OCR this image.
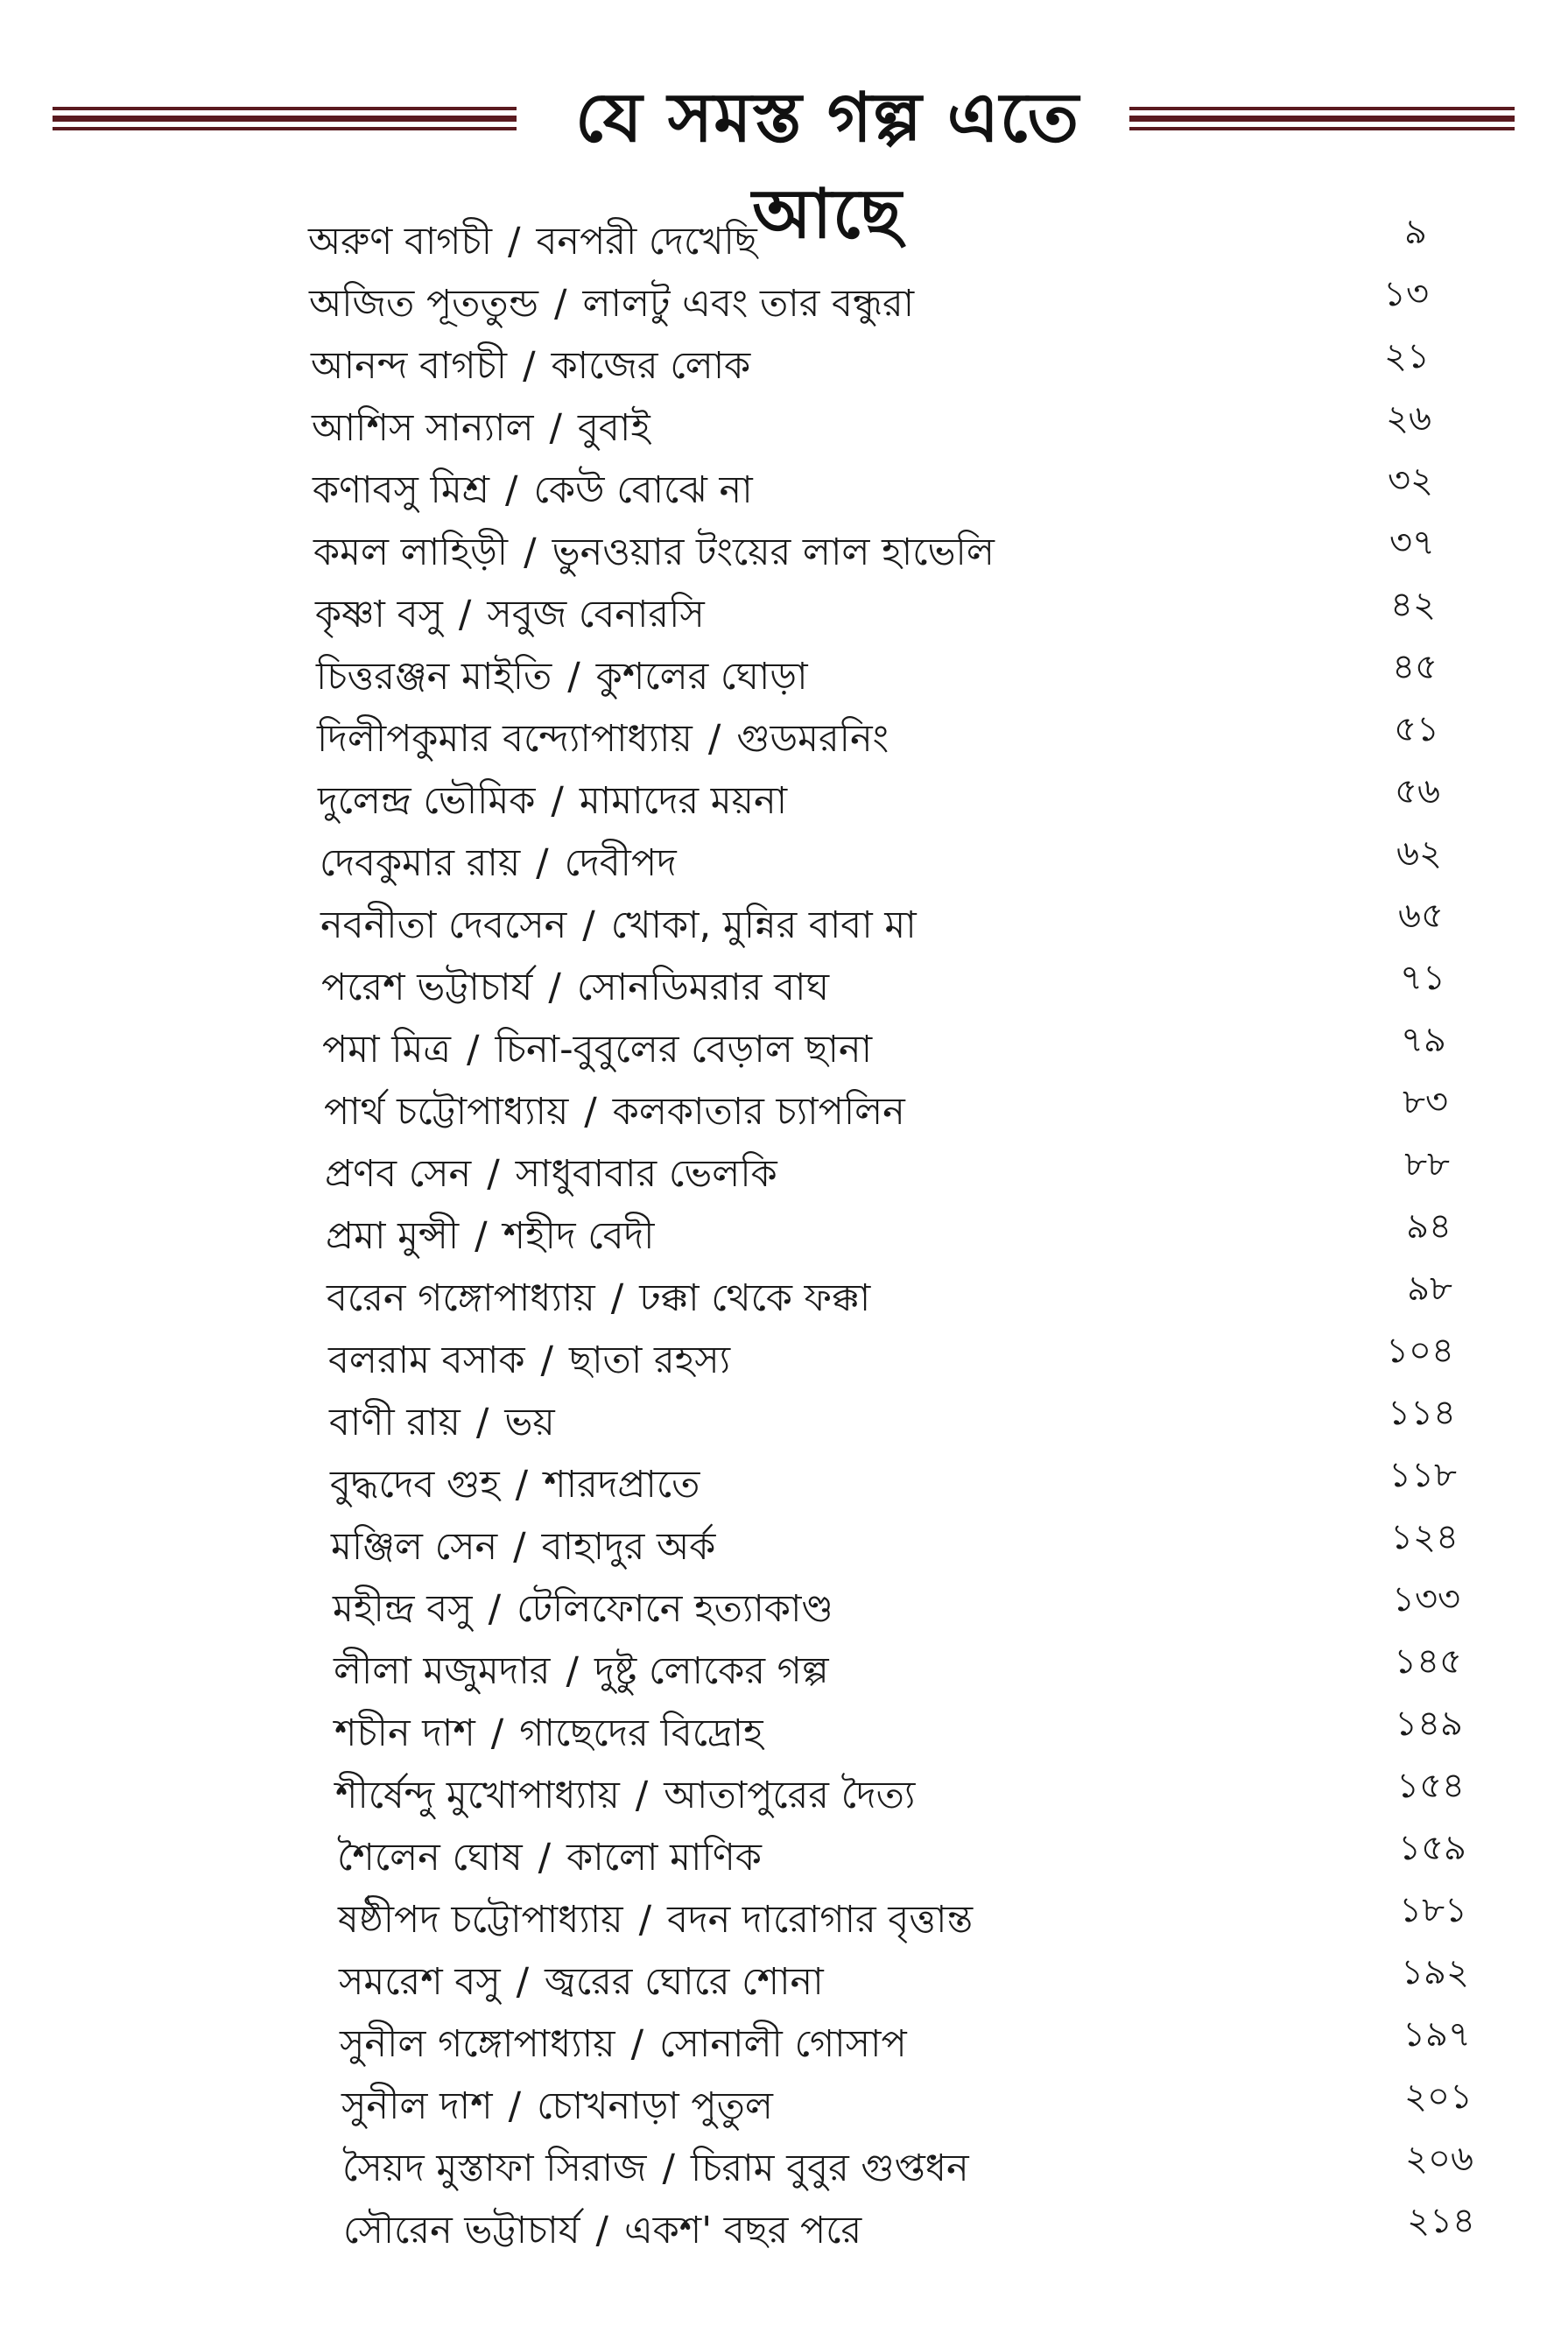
যে সমস্ত গল্প এতে আছে
অরুণ বাগচী / বনপরী দেখেছি	৯
অজিত পূততুন্ড / লালটু এবং তার বন্ধুরা	১৩
আনন্দ বাগচী / কাজের লোক	২১
আশিস সান্যাল / বুবাই	২৬
কণাবসু মিশ্র / কেউ বোঝে না	৩২
কমল লাহিড়ী / ভুনওয়ার টংয়ের লাল হাভেলি	৩৭
কৃষ্ণা বসু / সবুজ বেনারসি	৪২
চিত্তরঞ্জন মাইতি / কুশলের ঘোড়া	৪৫
দিলীপকুমার বন্দ্যোপাধ্যায় / গুডমরনিং	৫১
দুলেন্দ্র ভৌমিক / মামাদের ময়না	৫৬
দেবকুমার রায় / দেবীপদ	৬২
নবনীতা দেবসেন / খোকা, মুন্নির বাবা মা	৬৫
পরেশ ভট্টাচার্য / সোনডিমরার বাঘ	৭১
পমা মিত্র / চিনা-বুবুলের বেড়াল ছানা	৭৯
পার্থ চট্টোপাধ্যায় / কলকাতার চ্যাপলিন	৮৩
প্রণব সেন / সাধুবাবার ভেলকি	৮৮
প্রমা মুন্সী / শহীদ বেদী	৯৪
বরেন গঙ্গোপাধ্যায় / ঢক্কা থেকে ফক্কা	৯৮
বলরাম বসাক / ছাতা রহস্য	১০৪
বাণী রায় / ভয়	১১৪
বুদ্ধদেব গুহ / শারদপ্রাতে	১১৮
মঞ্জিল সেন / বাহাদুর অর্ক	১২৪
মহীন্দ্র বসু / টেলিফোনে হত্যাকাণ্ড	১৩৩
লীলা মজুমদার / দুষ্টু লোকের গল্প	১৪৫
শচীন দাশ / গাছেদের বিদ্রোহ	১৪৯
শীর্ষেন্দু মুখোপাধ্যায় / আতাপুরের দৈত্য	১৫৪
শৈলেন ঘোষ / কালো মাণিক	১৫৯
ষষ্ঠীপদ চট্টোপাধ্যায় / বদন দারোগার বৃত্তান্ত	১৮১
সমরেশ বসু / জ্বরের ঘোরে শোনা	১৯২
সুনীল গঙ্গোপাধ্যায় / সোনালী গোসাপ	১৯৭
সুনীল দাশ / চোখনাড়া পুতুল	২০১
সৈয়দ মুস্তাফা সিরাজ / চিরাম বুবুর গুপ্তধন	২০৬
সৌরেন ভট্টাচার্য / একশ' বছর পরে	২১৪
